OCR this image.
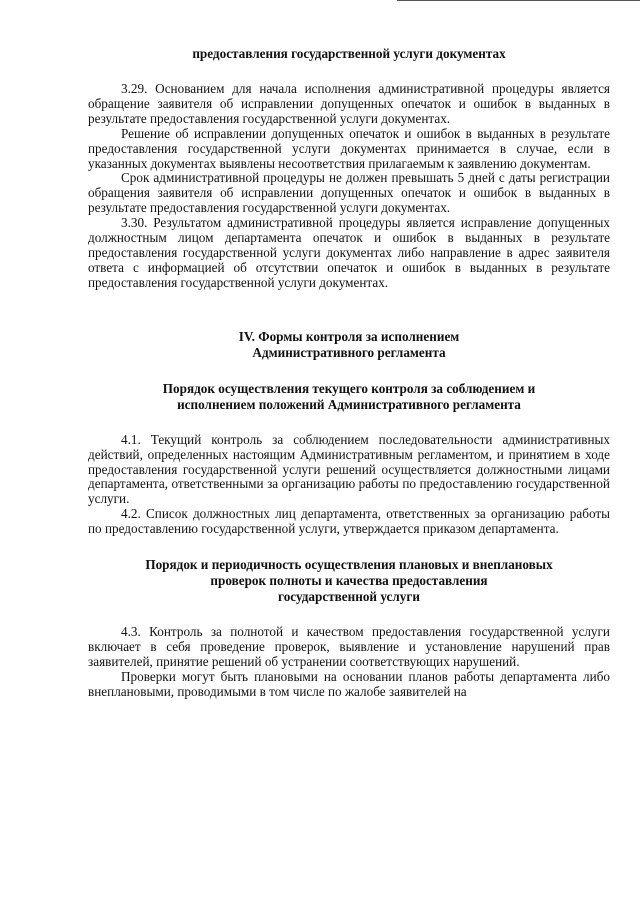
предоставления государственной услуги документах

3.29. Основанием для начала исполнения административной процедуры является обращение заявителя об исправлении допущенных опечаток и ошибок в выданных в результате предоставления государственной услуги документах.

Решение об исправлении допущенных опечаток и ошибок в выданных в результате предоставления государственной услуги документах принимается в случае, если в указанных документах выявлены несоответствия прилагаемым к заявлению документам.

Срок административной процедуры не должен превышать 5 дней с даты регистрации обращения заявителя об исправлении допущенных опечаток и ошибок в выданных в результате предоставления государственной услуги документах.

3.30. Результатом административной процедуры является исправление допущенных должностным лицом департамента опечаток и ошибок в выданных в результате предоставления государственной услуги документах либо направление в адрес заявителя ответа с информацией об отсутствии опечаток и ошибок в выданных в результате предоставления государственной услуги документах.

IV. Формы контроля за исполнением

Административного регламента

Порядок осуществления текущего контроля за соблюдением и

исполнением положений Административного регламента

4.1. Текущий контроль за соблюдением последовательности административных действий, определенных настоящим Административным регламентом, и принятием в ходе предоставления государственной услуги решений осуществляется должностными лицами департамента, ответственными за организацию работы по предоставлению государственной услуги.

4.2. Список должностных лиц департамента, ответственных за организацию работы по предоставлению государственной услуги, утверждается приказом департамента.

Порядок и периодичность осуществления плановых и внеплановых

проверок полноты и качества предоставления

государственной услуги

4.3. Контроль за полнотой и качеством предоставления государственной услуги включает в себя проведение проверок, выявление и установление нарушений прав заявителей, принятие решений об устранении соответствующих нарушений.

Проверки могут быть плановыми на основании планов работы департамента либо внеплановыми, проводимыми в том числе по жалобе заявителей на
